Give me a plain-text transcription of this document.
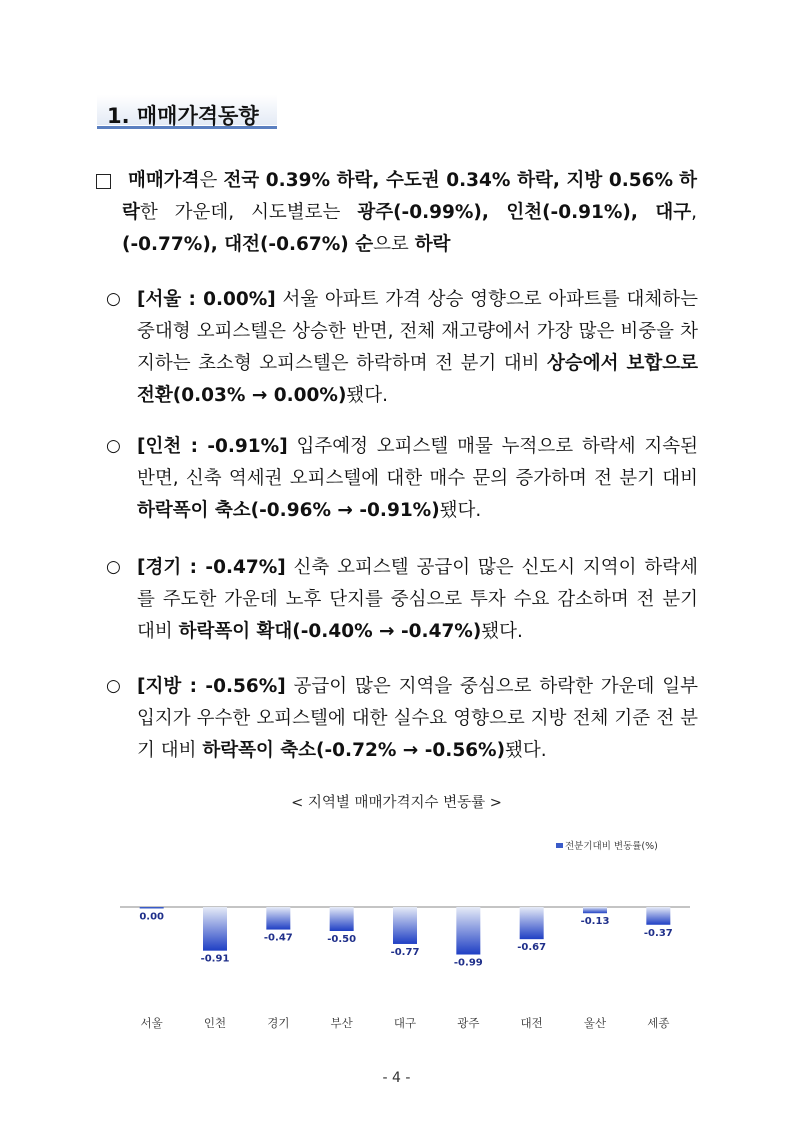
1. 매매가격동향
매매가격은 전국 0.39% 하락, 수도권 0.34% 하락, 지방 0.56% 하락한 가운데, 시도별로는 광주(-0.99%), 인천(-0.91%), 대구, (-0.77%), 대전(-0.67%) 순으로 하락
○ [서울 : 0.00%] 서울 아파트 가격 상승 영향으로 아파트를 대체하는 중대형 오피스텔은 상승한 반면, 전체 재고량에서 가장 많은 비중을 차지하는 초소형 오피스텔은 하락하며 전 분기 대비 상승에서 보합으로 전환(0.03% → 0.00%)됐다.
○ [인천 : -0.91%] 입주예정 오피스텔 매물 누적으로 하락세 지속된 반면, 신축 역세권 오피스텔에 대한 매수 문의 증가하며 전 분기 대비 하락폭이 축소(-0.96% → -0.91%)됐다.
○ [경기 : -0.47%] 신축 오피스텔 공급이 많은 신도시 지역이 하락세를 주도한 가운데 노후 단지를 중심으로 투자 수요 감소하며 전 분기 대비 하락폭이 확대(-0.40% → -0.47%)됐다.
○ [지방 : -0.56%] 공급이 많은 지역을 중심으로 하락한 가운데 일부 입지가 우수한 오피스텔에 대한 실수요 영향으로 지방 전체 기준 전 분기 대비 하락폭이 축소(-0.72% → -0.56%)됐다.
< 지역별 매매가격지수 변동률 >
전분기대비 변동률(%)
0.00
서울
-0.91
인천
-0.47
경기
-0.50
부산
-0.77
대구
-0.99
광주
-0.67
대전
-0.13
울산
-0.37
세종
- 4 -
